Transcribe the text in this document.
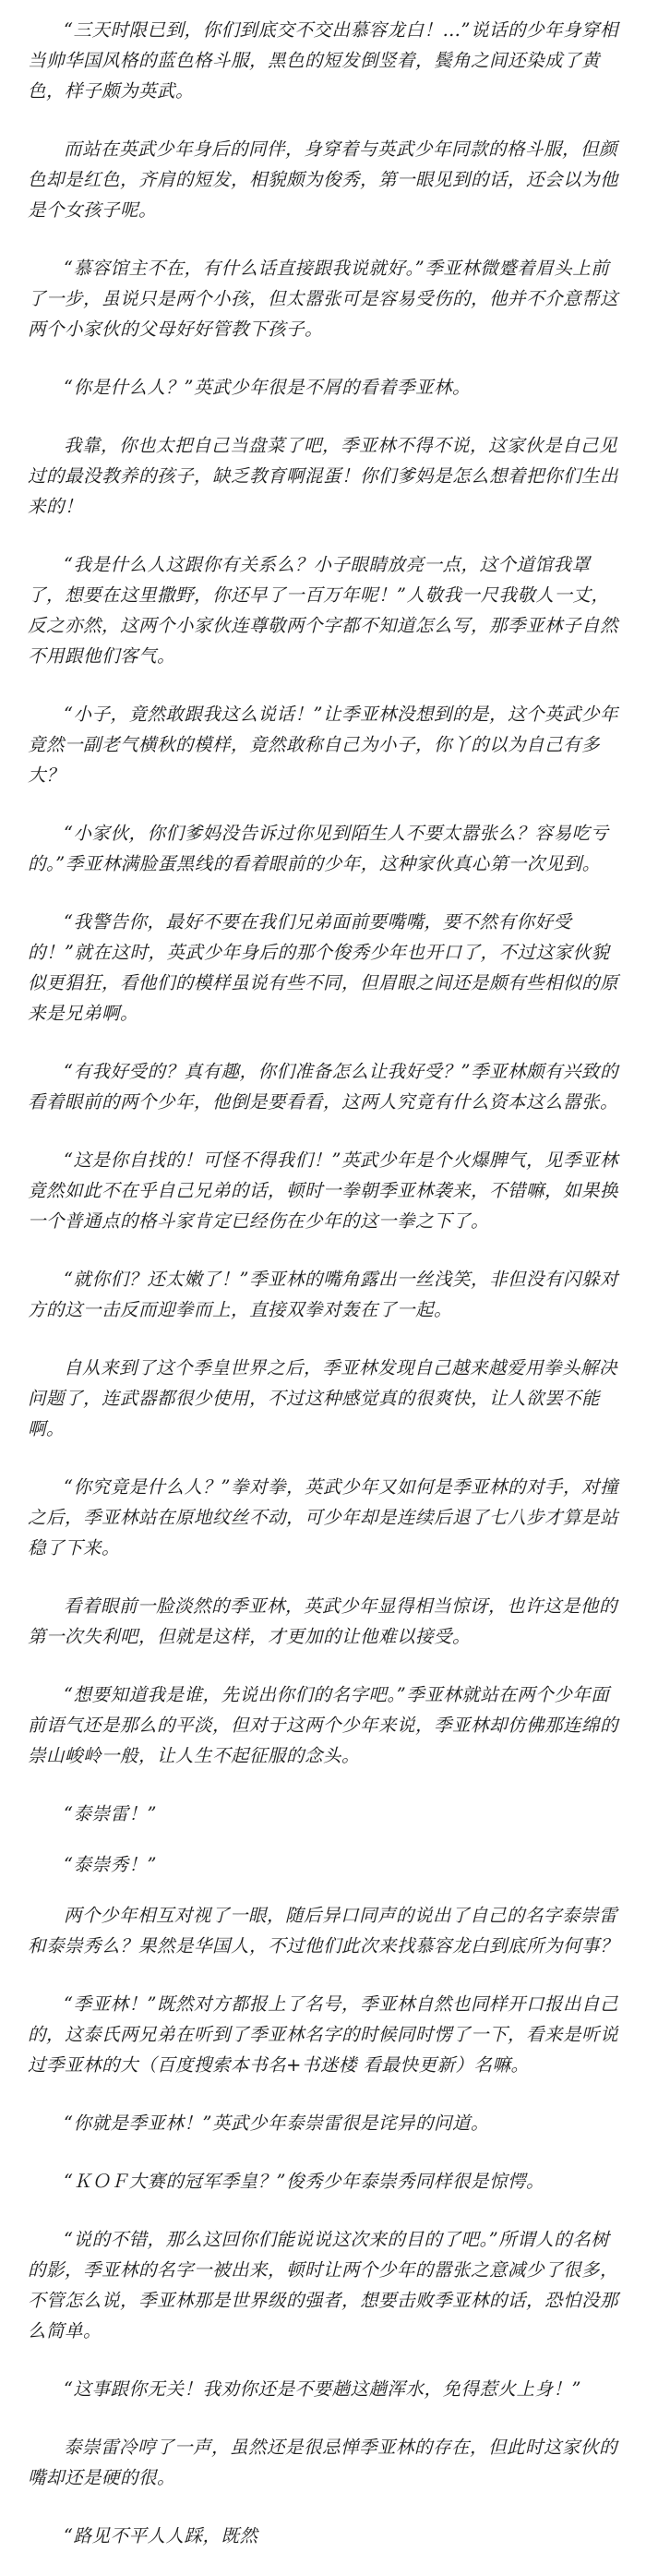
“三天时限已到，你们到底交不交出慕容龙白！…”说话的少年身穿相当帅华国风格的蓝色格斗服，黑色的短发倒竖着，鬓角之间还染成了黄色，样子颇为英武。

而站在英武少年身后的同伴，身穿着与英武少年同款的格斗服，但颜色却是红色，齐肩的短发，相貌颇为俊秀，第一眼见到的话，还会以为他是个女孩子呢。

“慕容馆主不在，有什么话直接跟我说就好。”季亚林微蹙着眉头上前了一步，虽说只是两个小孩，但太嚣张可是容易受伤的，他并不介意帮这两个小家伙的父母好好管教下孩子。

“你是什么人？”英武少年很是不屑的看着季亚林。

我靠，你也太把自己当盘菜了吧，季亚林不得不说，这家伙是自己见过的最没教养的孩子，缺乏教育啊混蛋！你们爹妈是怎么想着把你们生出来的！

“我是什么人这跟你有关系么？小子眼睛放亮一点，这个道馆我罩了，想要在这里撒野，你还早了一百万年呢！”人敬我一尺我敬人一丈，反之亦然，这两个小家伙连尊敬两个字都不知道怎么写，那季亚林子自然不用跟他们客气。

“小子，竟然敢跟我这么说话！”让季亚林没想到的是，这个英武少年竟然一副老气横秋的模样，竟然敢称自己为小子，你丫的以为自己有多大？

“小家伙，你们爹妈没告诉过你见到陌生人不要太嚣张么？容易吃亏的。”季亚林满脸蛋黑线的看着眼前的少年，这种家伙真心第一次见到。

“我警告你，最好不要在我们兄弟面前要嘴嘴，要不然有你好受的！”就在这时，英武少年身后的那个俊秀少年也开口了，不过这家伙貌似更猖狂，看他们的模样虽说有些不同，但眉眼之间还是颇有些相似的原来是兄弟啊。

“有我好受的？真有趣，你们准备怎么让我好受？”季亚林颇有兴致的看着眼前的两个少年，他倒是要看看，这两人究竟有什么资本这么嚣张。

“这是你自找的！可怪不得我们！”英武少年是个火爆脾气，见季亚林竟然如此不在乎自己兄弟的话，顿时一拳朝季亚林袭来，不错嘛，如果换一个普通点的格斗家肯定已经伤在少年的这一拳之下了。

“就你们？还太嫩了！”季亚林的嘴角露出一丝浅笑，非但没有闪躲对方的这一击反而迎拳而上，直接双拳对轰在了一起。

自从来到了这个季皇世界之后，季亚林发现自己越来越爱用拳头解决问题了，连武器都很少使用，不过这种感觉真的很爽快，让人欲罢不能啊。

“你究竟是什么人？”拳对拳，英武少年又如何是季亚林的对手，对撞之后，季亚林站在原地纹丝不动，可少年却是连续后退了七八步才算是站稳了下来。

看着眼前一脸淡然的季亚林，英武少年显得相当惊讶，也许这是他的第一次失利吧，但就是这样，才更加的让他难以接受。

“想要知道我是谁，先说出你们的名字吧。”季亚林就站在两个少年面前语气还是那么的平淡，但对于这两个少年来说，季亚林却仿佛那连绵的崇山峻岭一般，让人生不起征服的念头。

“泰崇雷！”

“泰崇秀！”

两个少年相互对视了一眼，随后异口同声的说出了自己的名字泰崇雷和泰崇秀么？果然是华国人，不过他们此次来找慕容龙白到底所为何事？

“季亚林！”既然对方都报上了名号，季亚林自然也同样开口报出自己的，这泰氏两兄弟在听到了季亚林名字的时候同时愣了一下，看来是听说过季亚林的大（百度搜索本书名+书迷楼 看最快更新）名嘛。

“你就是季亚林！”英武少年泰崇雷很是诧异的问道。

“ＫＯＦ大赛的冠军季皇？”俊秀少年泰崇秀同样很是惊愕。

“说的不错，那么这回你们能说说这次来的目的了吧。”所谓人的名树的影，季亚林的名字一被出来，顿时让两个少年的嚣张之意减少了很多，不管怎么说，季亚林那是世界级的强者，想要击败季亚林的话，恐怕没那么简单。

“这事跟你无关！我劝你还是不要趟这趟浑水，免得惹火上身！”

泰崇雷冷哼了一声，虽然还是很忌惮季亚林的存在，但此时这家伙的嘴却还是硬的很。

“路见不平人人踩，既然
